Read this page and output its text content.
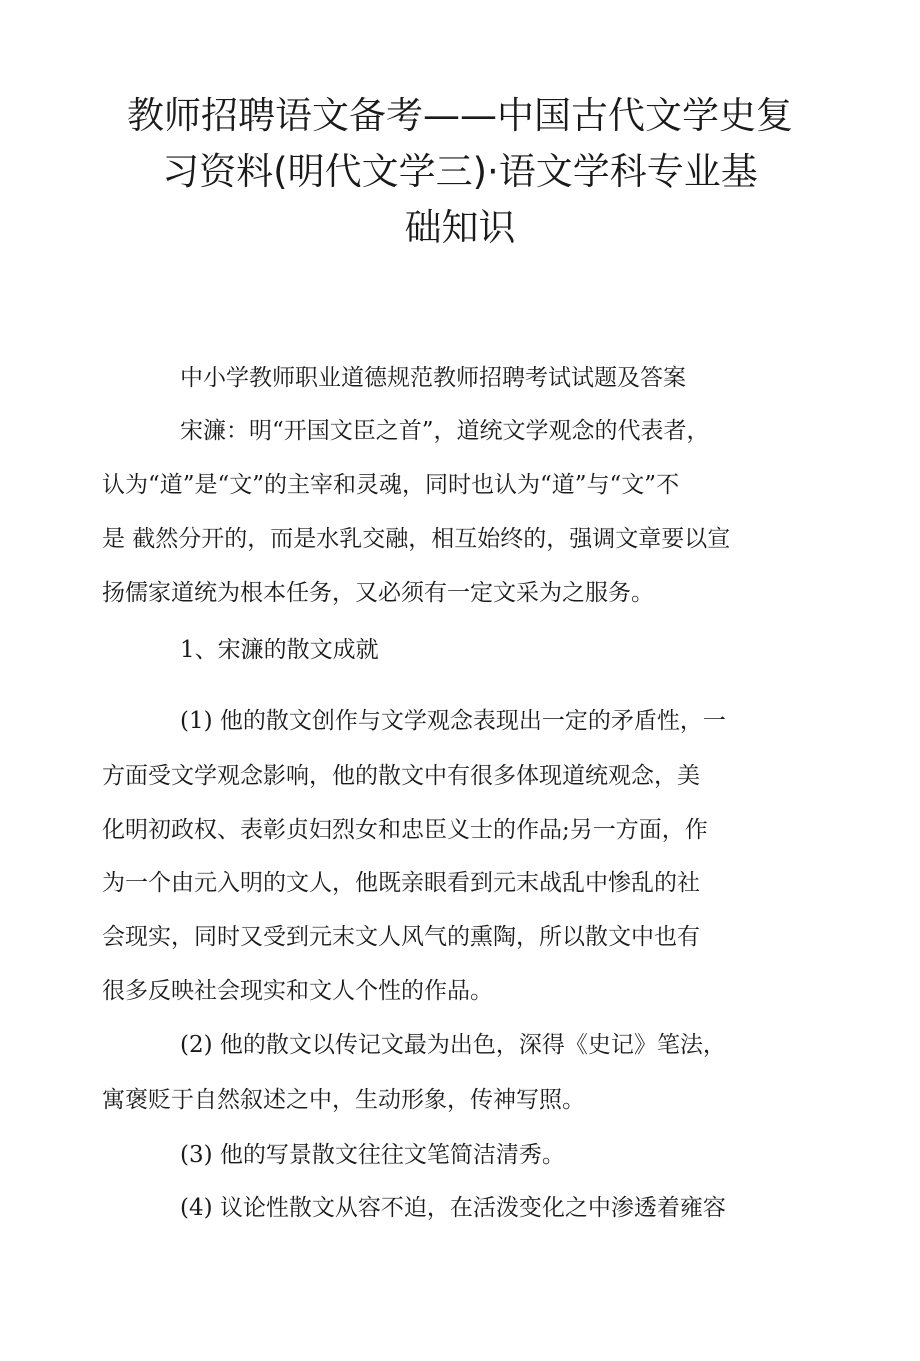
教师招聘语文备考——中国古代文学史复
习资料(明代文学三)·语文学科专业基
础知识
中小学教师职业道德规范教师招聘考试试题及答案
宋濂：明“开国文臣之首”，道统文学观念的代表者，
认为“道”是“文”的主宰和灵魂，同时也认为“道”与“文”不
是 截然分开的，而是水乳交融，相互始终的，强调文章要以宣
扬儒家道统为根本任务，又必须有一定文采为之服务。
1、宋濂的散文成就
(1) 他的散文创作与文学观念表现出一定的矛盾性，一
方面受文学观念影响，他的散文中有很多体现道统观念，美
化明初政权、表彰贞妇烈女和忠臣义士的作品;另一方面，作
为一个由元入明的文人，他既亲眼看到元末战乱中惨乱的社
会现实，同时又受到元末文人风气的熏陶，所以散文中也有
很多反映社会现实和文人个性的作品。
(2) 他的散文以传记文最为出色，深得《史记》笔法，
寓褒贬于自然叙述之中，生动形象，传神写照。
(3) 他的写景散文往往文笔简洁清秀。
(4) 议论性散文从容不迫，在活泼变化之中渗透着雍容
